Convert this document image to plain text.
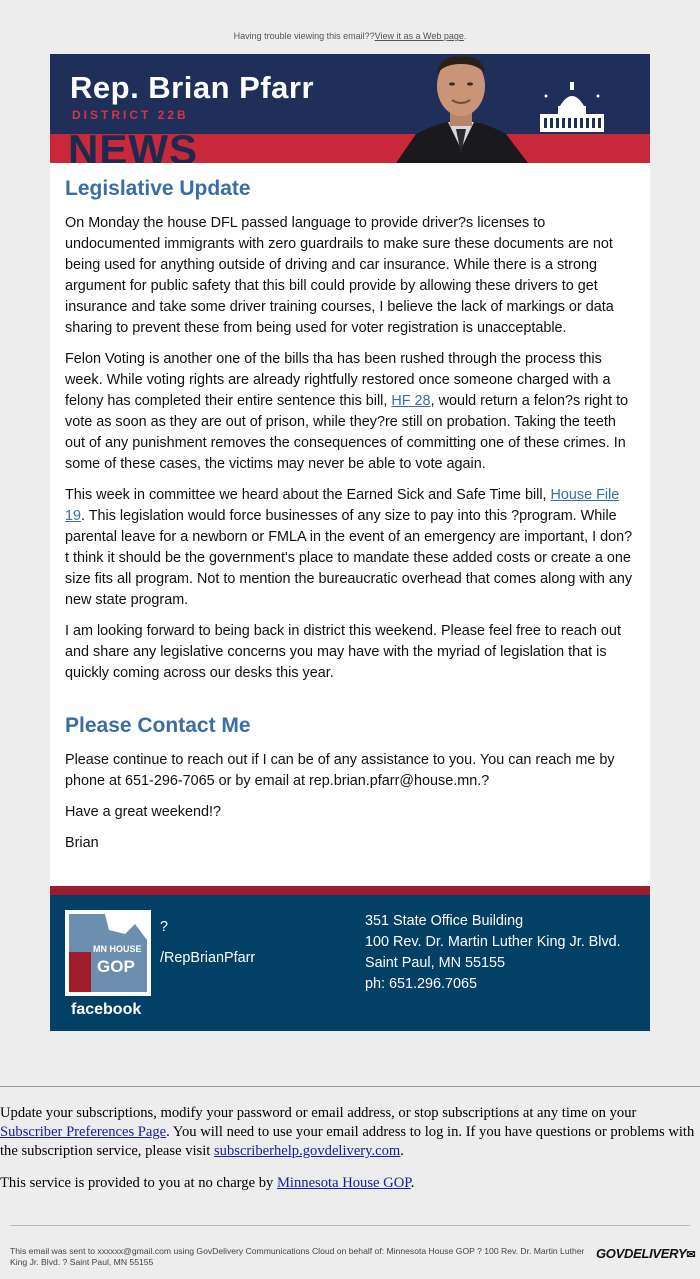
Having trouble viewing this email??View it as a Web page.
NEWS
Rep. Brian Pfarr
DISTRICT 22B
Legislative Update

On Monday the house DFL passed language to provide driver?s licenses to undocumented immigrants with zero guardrails to make sure these documents are not being used for anything outside of driving and car insurance. While there is a strong argument for public safety that this bill could provide by allowing these drivers to get insurance and take some driver training courses, I believe the lack of markings or data sharing to prevent these from being used for voter registration is unacceptable.

Felon Voting is another one of the bills tha has been rushed through the process this week. While voting rights are already rightfully restored once someone charged with a felony has completed their entire sentence this bill, HF 28, would return a felon?s right to vote as soon as they are out of prison, while they?re still on probation. Taking the teeth out of any punishment removes the consequences of committing one of these crimes. In some of these cases, the victims may never be able to vote again.

This week in committee we heard about the Earned Sick and Safe Time bill, House File 19. This legislation would force businesses of any size to pay into this ?program. While parental leave for a newborn or FMLA in the event of an emergency are important, I don?t think it should be the government's place to mandate these added costs or create a one size fits all program. Not to mention the bureaucratic overhead that comes along with any new state program.

I am looking forward to being back in district this weekend. Please feel free to reach out and share any legislative concerns you may have with the myriad of legislation that is quickly coming across our desks this year.

Please Contact Me

Please continue to reach out if I can be of any assistance to you. You can reach me by phone at 651-296-7065 or by email at rep.brian.pfarr@house.mn.?

Have a great weekend!?

Brian

MN HOUSE
GOP
facebook
?
/RepBrianPfarr
351 State Office Building
100 Rev. Dr. Martin Luther King Jr. Blvd.
Saint Paul, MN 55155
ph: 651.296.7065

Update your subscriptions, modify your password or email address, or stop subscriptions at any time on your Subscriber Preferences Page. You will need to use your email address to log in. If you have questions or problems with the subscription service, please visit subscriberhelp.govdelivery.com.

This service is provided to you at no charge by Minnesota House GOP.

This email was sent to xxxxxx@gmail.com using GovDelivery Communications Cloud on behalf of: Minnesota House GOP ? 100 Rev. Dr. Martin Luther King Jr. Blvd. ? Saint Paul, MN 55155
GOVDELIVERY✉
